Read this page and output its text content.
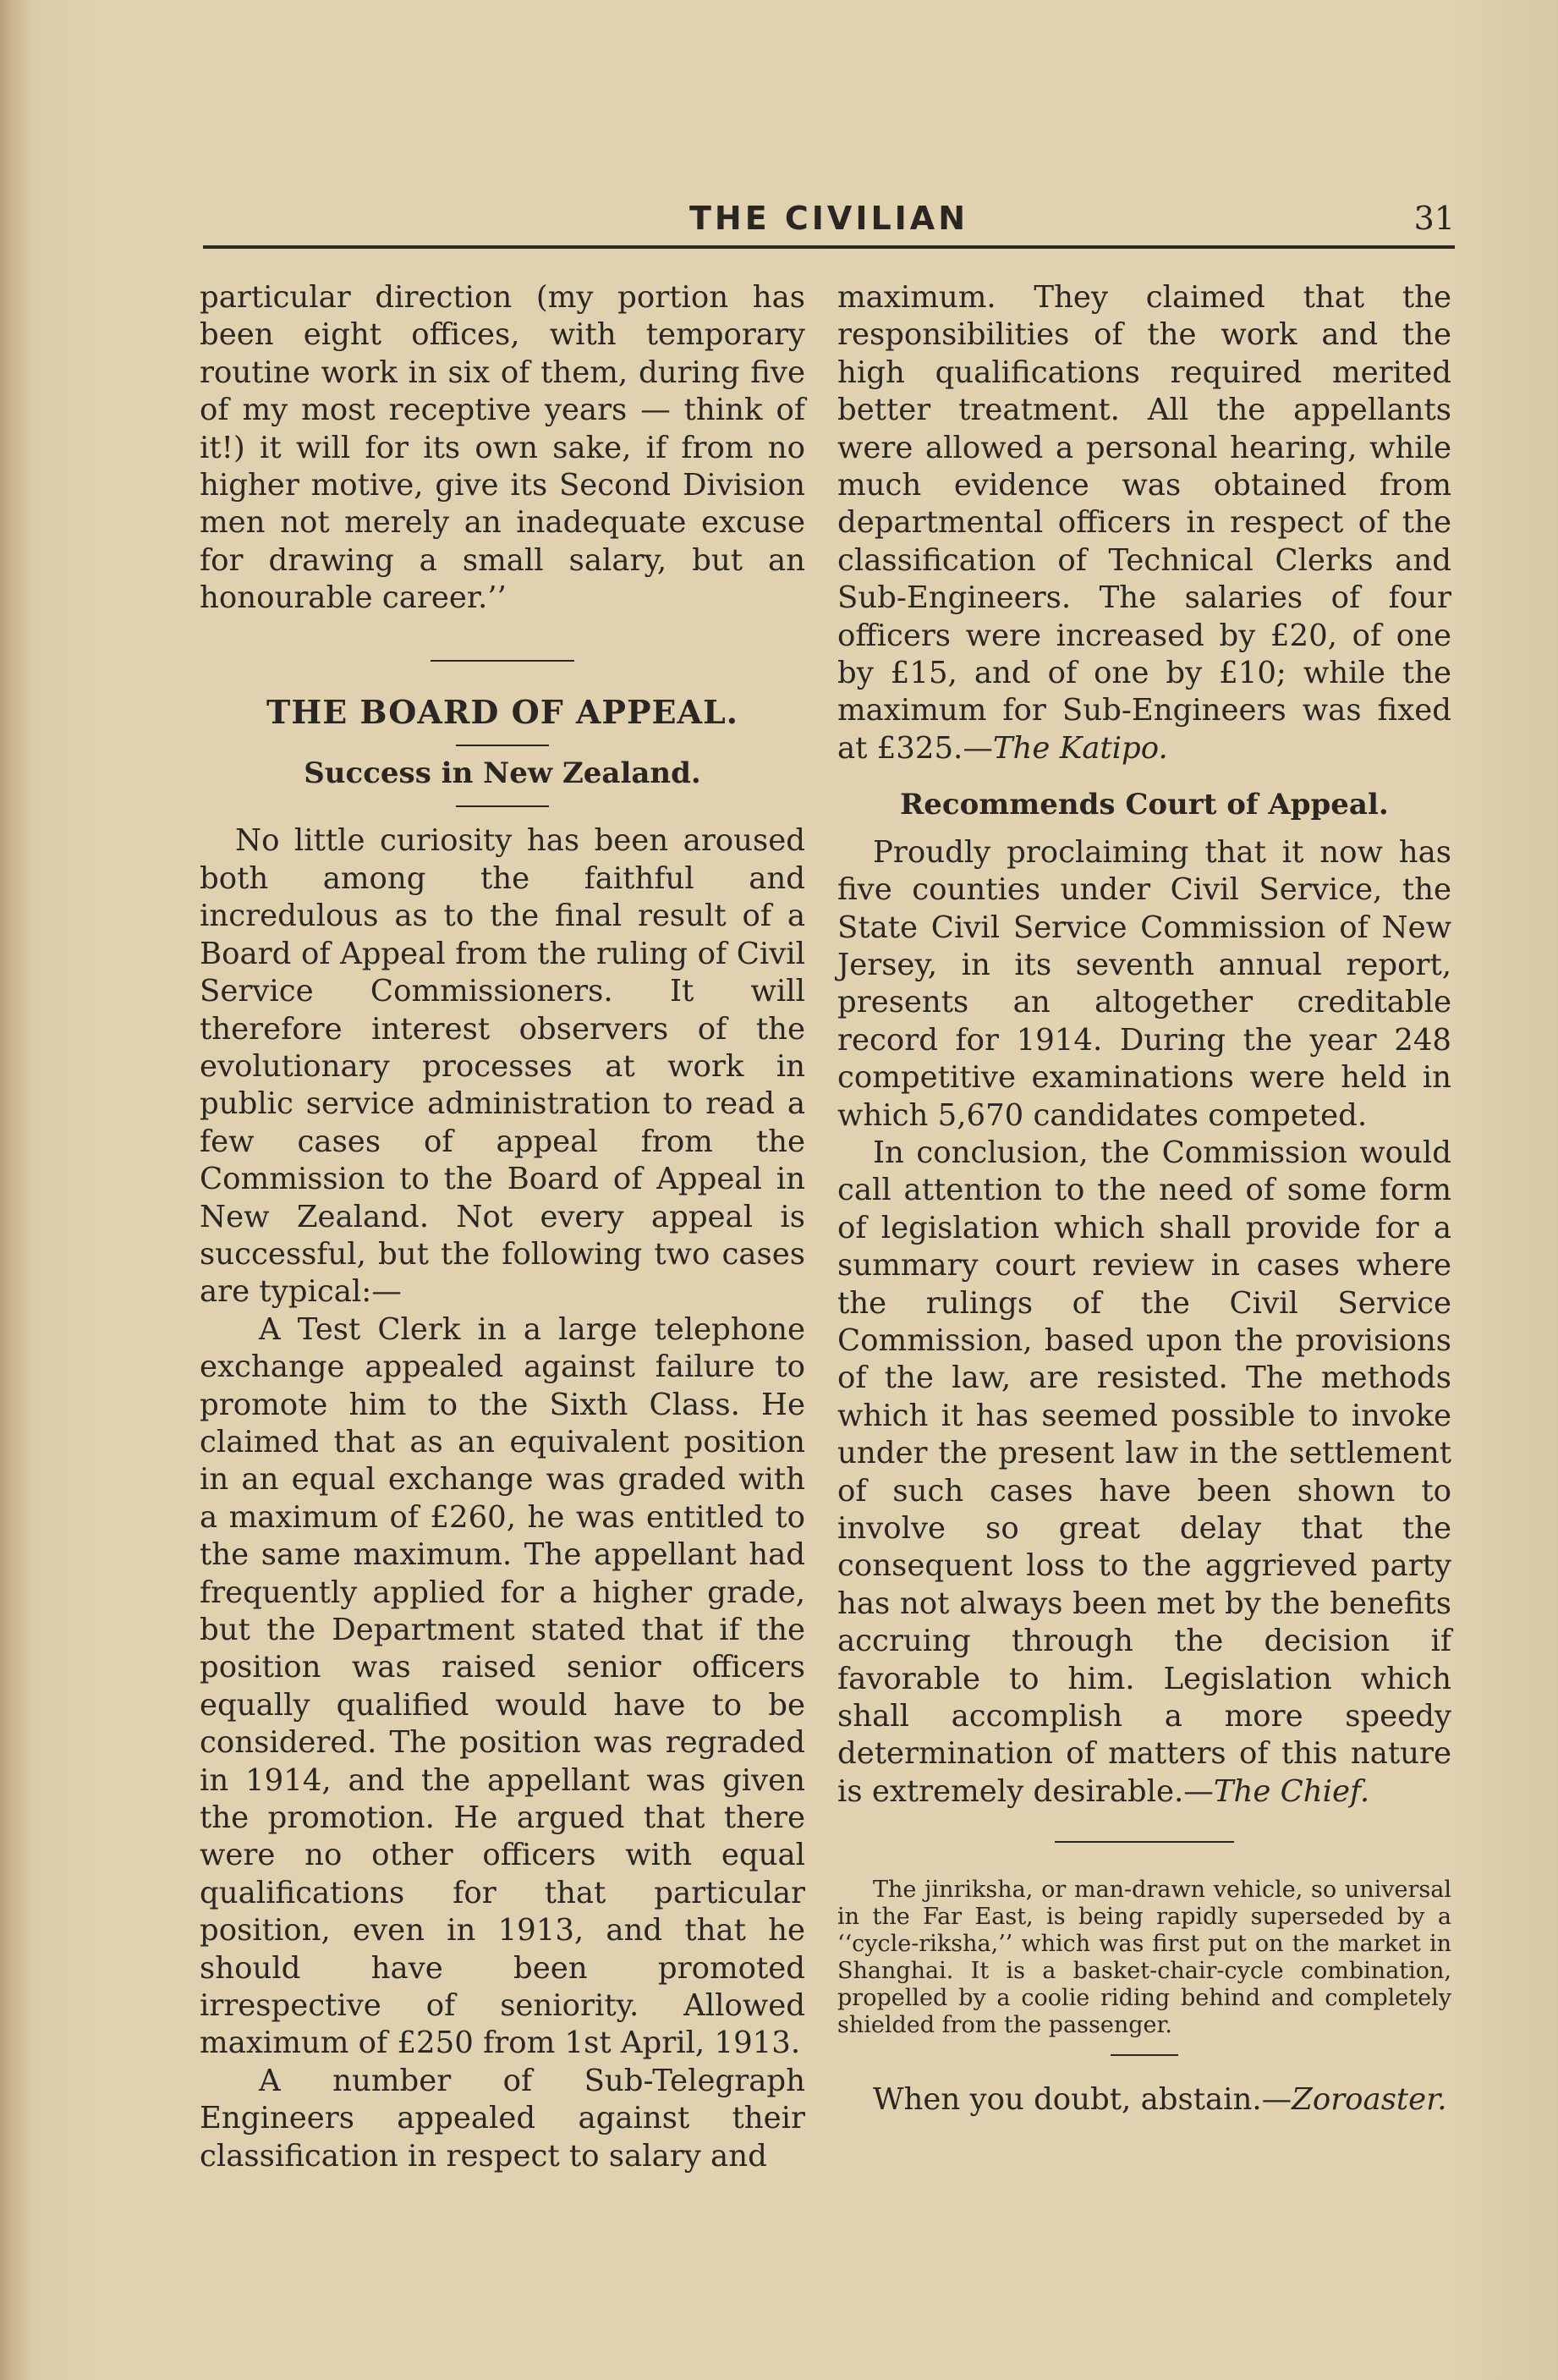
THE CIVILIAN	31

particular direction (my portion has been eight offices, with temporary routine work in six of them, during five of my most receptive years — think of it!) it will for its own sake, if from no higher motive, give its Second Division men not merely an inadequate excuse for drawing a small salary, but an honourable career.’’

THE BOARD OF APPEAL.
Success in New Zealand.

No little curiosity has been aroused both among the faithful and incredulous as to the final result of a Board of Appeal from the ruling of Civil Service Commissioners. It will therefore interest observers of the evolutionary processes at work in public service administration to read a few cases of appeal from the Commission to the Board of Appeal in New Zealand. Not every appeal is successful, but the following two cases are typical:—

A Test Clerk in a large telephone exchange appealed against failure to promote him to the Sixth Class. He claimed that as an equivalent position in an equal exchange was graded with a maximum of £260, he was entitled to the same maximum. The appellant had frequently applied for a higher grade, but the Department stated that if the position was raised senior officers equally qualified would have to be considered. The position was regraded in 1914, and the appellant was given the promotion. He argued that there were no other officers with equal qualifications for that particular position, even in 1913, and that he should have been promoted irrespective of seniority. Allowed maximum of £250 from 1st April, 1913.

A number of Sub-Telegraph Engineers appealed against their classification in respect to salary and

maximum. They claimed that the responsibilities of the work and the high qualifications required merited better treatment. All the appellants were allowed a personal hearing, while much evidence was obtained from departmental officers in respect of the classification of Technical Clerks and Sub-Engineers. The salaries of four officers were increased by £20, of one by £15, and of one by £10; while the maximum for Sub-Engineers was fixed at £325.—The Katipo.

Recommends Court of Appeal.

Proudly proclaiming that it now has five counties under Civil Service, the State Civil Service Commission of New Jersey, in its seventh annual report, presents an altogether creditable record for 1914. During the year 248 competitive examinations were held in which 5,670 candidates competed.

In conclusion, the Commission would call attention to the need of some form of legislation which shall provide for a summary court review in cases where the rulings of the Civil Service Commission, based upon the provisions of the law, are resisted. The methods which it has seemed possible to invoke under the present law in the settlement of such cases have been shown to involve so great delay that the consequent loss to the aggrieved party has not always been met by the benefits accruing through the decision if favorable to him. Legislation which shall accomplish a more speedy determination of matters of this nature is extremely desirable.—The Chief.

The jinriksha, or man-drawn vehicle, so universal in the Far East, is being rapidly superseded by a ‘‘cycle-riksha,’’ which was first put on the market in Shanghai. It is a basket-chair-cycle combination, propelled by a coolie riding behind and completely shielded from the passenger.

When you doubt, abstain.—Zoroaster.
